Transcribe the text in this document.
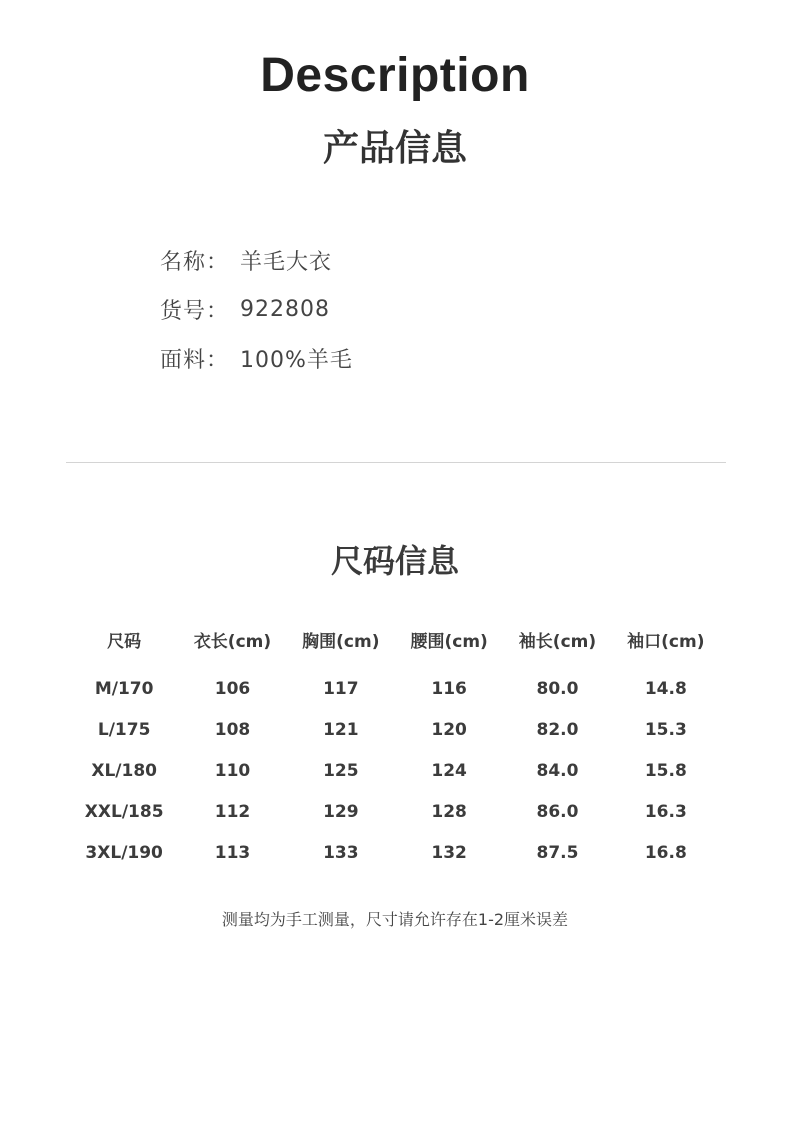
Description
产品信息
名称： 羊毛大衣
货号： 922808
面料： 100%羊毛
尺码信息
尺码	衣长(cm)	胸围(cm)	腰围(cm)	袖长(cm)	袖口(cm)

M/170	106	117	116	80.0	14.8
L/175	108	121	120	82.0	15.3
XL/180	110	125	124	84.0	15.8
XXL/185	112	129	128	86.0	16.3
3XL/190	113	133	132	87.5	16.8
测量均为手工测量，尺寸请允许存在1-2厘米误差
